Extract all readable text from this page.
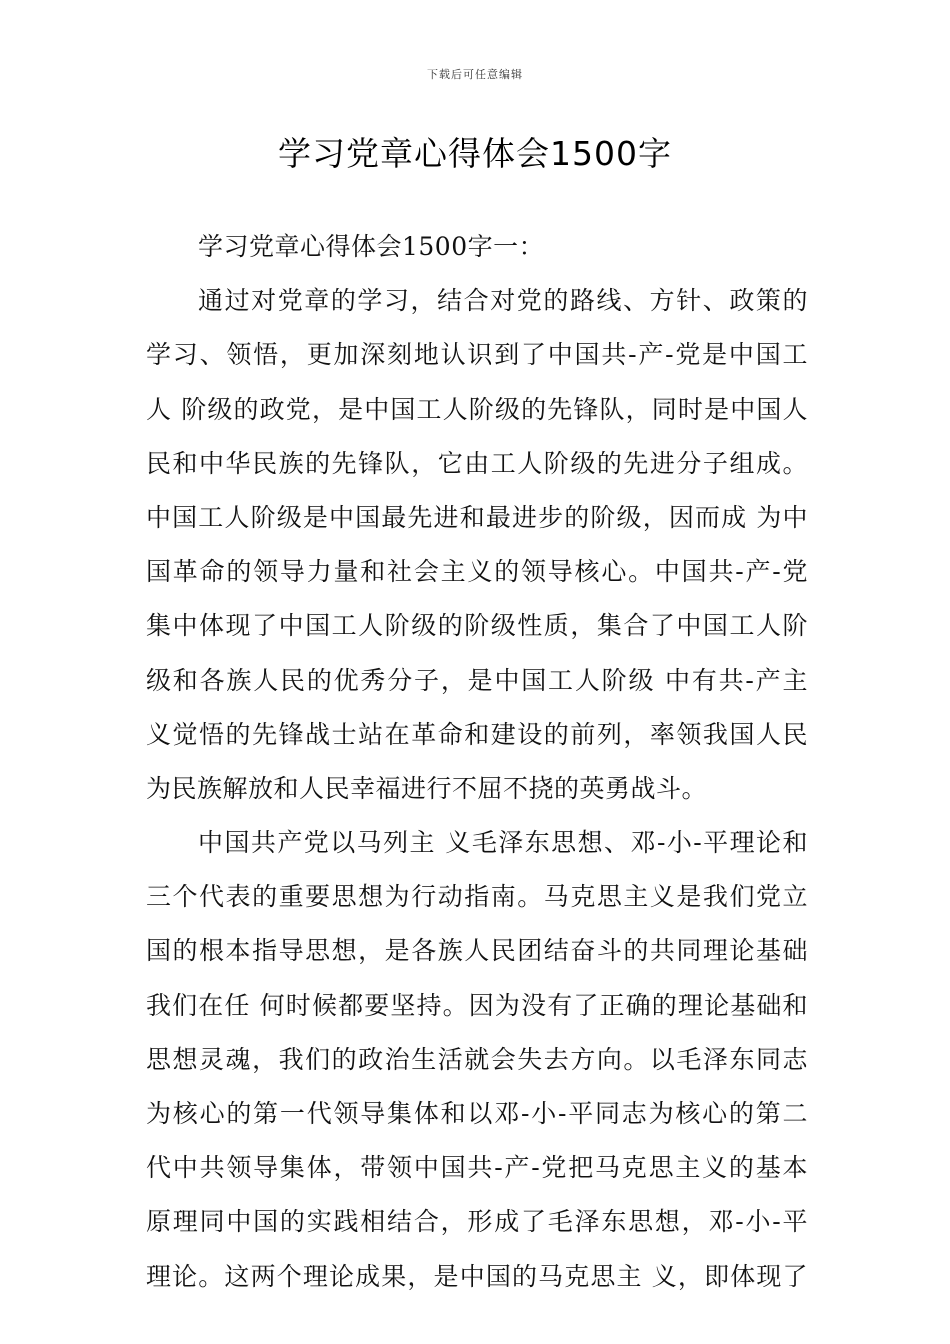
下载后可任意编辑
学习党章心得体会1500字
学习党章心得体会1500字一：
通过对党章的学习，结合对党的路线、方针、政策的
学习、领悟，更加深刻地认识到了中国共-产-党是中国工
人 阶级的政党，是中国工人阶级的先锋队，同时是中国人
民和中华民族的先锋队，它由工人阶级的先进分子组成。
中国工人阶级是中国最先进和最进步的阶级，因而成 为中
国革命的领导力量和社会主义的领导核心。中国共-产-党
集中体现了中国工人阶级的阶级性质，集合了中国工人阶
级和各族人民的优秀分子，是中国工人阶级 中有共-产主
义觉悟的先锋战士站在革命和建设的前列，率领我国人民
为民族解放和人民幸福进行不屈不挠的英勇战斗。
中国共产党以马列主 义毛泽东思想、邓-小-平理论和
三个代表的重要思想为行动指南。马克思主义是我们党立
国的根本指导思想，是各族人民团结奋斗的共同理论基础
我们在任 何时候都要坚持。因为没有了正确的理论基础和
思想灵魂，我们的政治生活就会失去方向。以毛泽东同志
为核心的第一代领导集体和以邓-小-平同志为核心的第二
代中共领导集体，带领中国共-产-党把马克思主义的基本
原理同中国的实践相结合，形成了毛泽东思想，邓-小-平
理论。这两个理论成果，是中国的马克思主 义，即体现了
